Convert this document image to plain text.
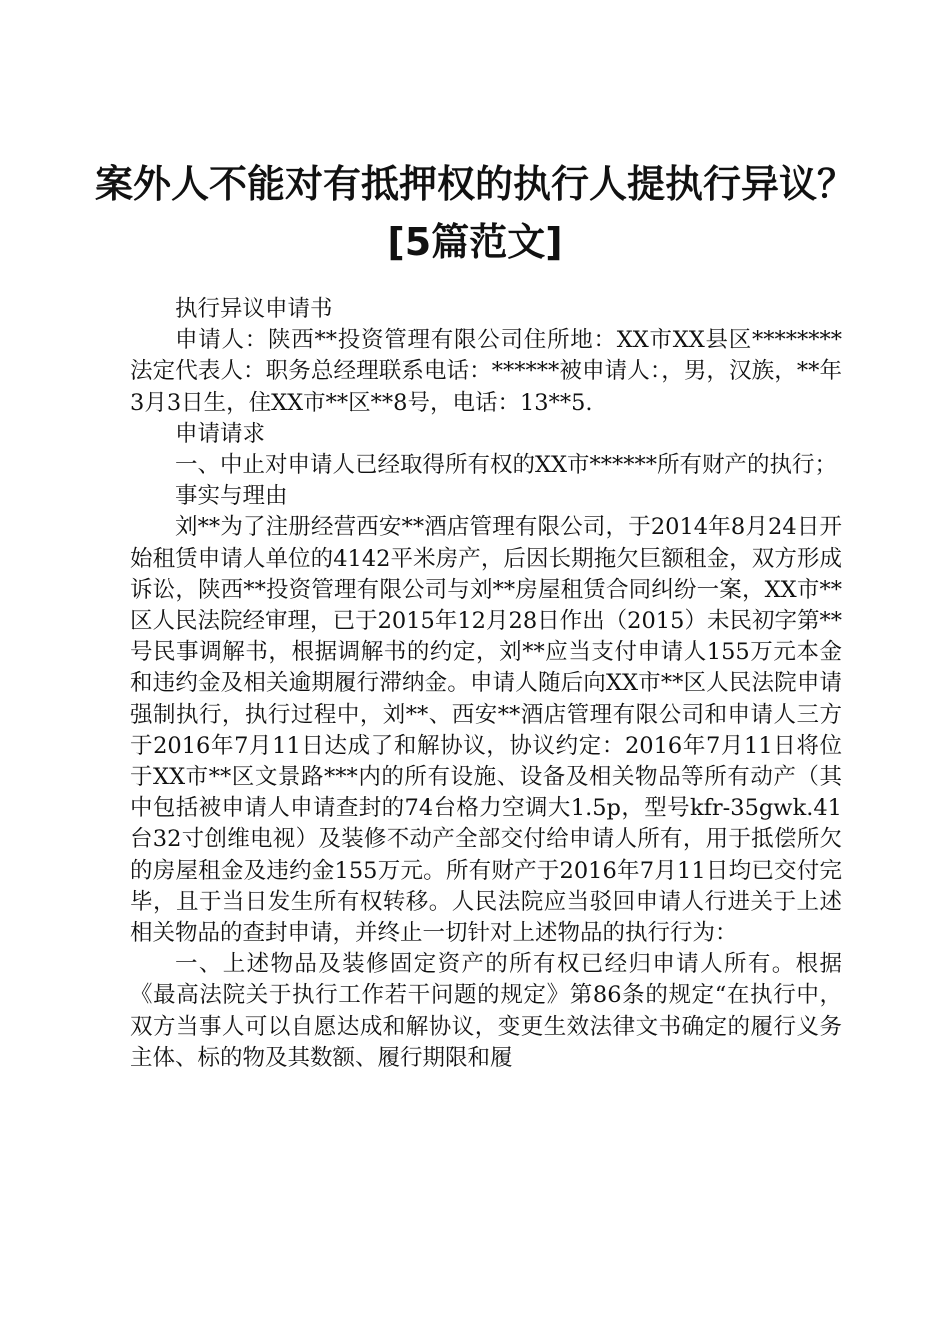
案外人不能对有抵押权的执行人提执行异议？
[5篇范文]

执行异议申请书

申请人：陕西**投资管理有限公司住所地：XX市XX县区********法定代表人：职务总经理联系电话：******被申请人：，男，汉族，**年3月3日生，住XX市**区**8号，电话：13**5.

申请请求

一、中止对申请人已经取得所有权的XX市******所有财产的执行；

事实与理由

刘**为了注册经营西安**酒店管理有限公司，于2014年8月24日开始租赁申请人单位的4142平米房产，后因长期拖欠巨额租金，双方形成诉讼，陕西**投资管理有限公司与刘**房屋租赁合同纠纷一案，XX市**区人民法院经审理，已于2015年12月28日作出（2015）未民初字第**号民事调解书，根据调解书的约定，刘**应当支付申请人155万元本金和违约金及相关逾期履行滞纳金。申请人随后向XX市**区人民法院申请强制执行，执行过程中，刘**、西安**酒店管理有限公司和申请人三方于2016年7月11日达成了和解协议，协议约定：2016年7月11日将位于XX市**区文景路***内的所有设施、设备及相关物品等所有动产（其中包括被申请人申请查封的74台格力空调大1.5p，型号kfr-35gwk.41台32寸创维电视）及装修不动产全部交付给申请人所有，用于抵偿所欠的房屋租金及违约金155万元。所有财产于2016年7月11日均已交付完毕，且于当日发生所有权转移。人民法院应当驳回申请人行进关于上述相关物品的查封申请，并终止一切针对上述物品的执行行为：

一、上述物品及装修固定资产的所有权已经归申请人所有。根据《最高法院关于执行工作若干问题的规定》第86条的规定“在执行中，双方当事人可以自愿达成和解协议，变更生效法律文书确定的履行义务主体、标的物及其数额、履行期限和履
